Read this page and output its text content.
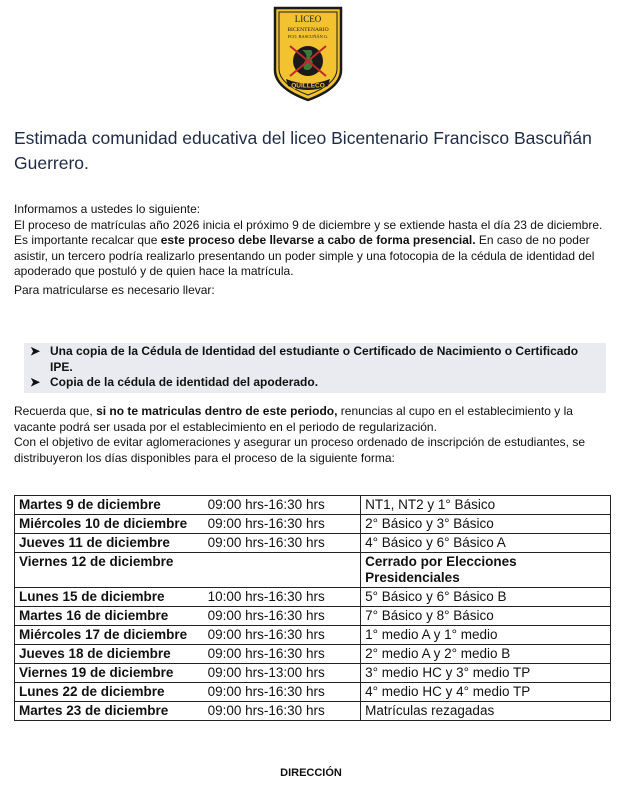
LICEO
BICENTENARIO
FCO. BASCUÑÁN G.
QUILLECO
Estimada comunidad educativa del liceo Bicentenario Francisco Bascuñán Guerrero.

Informamos a ustedes lo siguiente:

El proceso de matrículas año 2026 inicia el próximo 9 de diciembre y se extiende hasta el día 23 de diciembre.

Es importante recalcar que este proceso debe llevarse a cabo de forma presencial. En caso de no poder asistir, un tercero podría realizarlo presentando un poder simple y una fotocopia de la cédula de identidad del apoderado que postuló y de quien hace la matrícula.

Para matricularse es necesario llevar:

➤ Una copia de la Cédula de Identidad del estudiante o Certificado de Nacimiento o Certificado IPE.
➤ Copia de la cédula de identidad del apoderado.

Recuerda que, si no te matriculas dentro de este periodo, renuncias al cupo en el establecimiento y la vacante podrá ser usada por el establecimiento en el periodo de regularización.

Con el objetivo de evitar aglomeraciones y asegurar un proceso ordenado de inscripción de estudiantes, se distribuyeron los días disponibles para el proceso de la siguiente forma:

Martes 9 de diciembre	09:00 hrs-16:30 hrs	NT1, NT2 y 1° Básico
Miércoles 10 de diciembre	09:00 hrs-16:30 hrs	2° Básico y 3° Básico
Jueves 11 de diciembre	09:00 hrs-16:30 hrs	4° Básico y 6° Básico A
Viernes 12 de diciembre		Cerrado por Elecciones Presidenciales
Lunes 15 de diciembre	10:00 hrs-16:30 hrs	5° Básico y 6° Básico B
Martes 16 de diciembre	09:00 hrs-16:30 hrs	7° Básico y 8° Básico
Miércoles 17 de diciembre	09:00 hrs-16:30 hrs	1° medio A y 1° medio
Jueves 18 de diciembre	09:00 hrs-16:30 hrs	2° medio A y 2° medio B
Viernes 19 de diciembre	09:00 hrs-13:00 hrs	3° medio HC y 3° medio TP
Lunes 22 de diciembre	09:00 hrs-16:30 hrs	4° medio HC y 4° medio TP
Martes 23 de diciembre	09:00 hrs-16:30 hrs	Matrículas rezagadas
DIRECCIÓN
